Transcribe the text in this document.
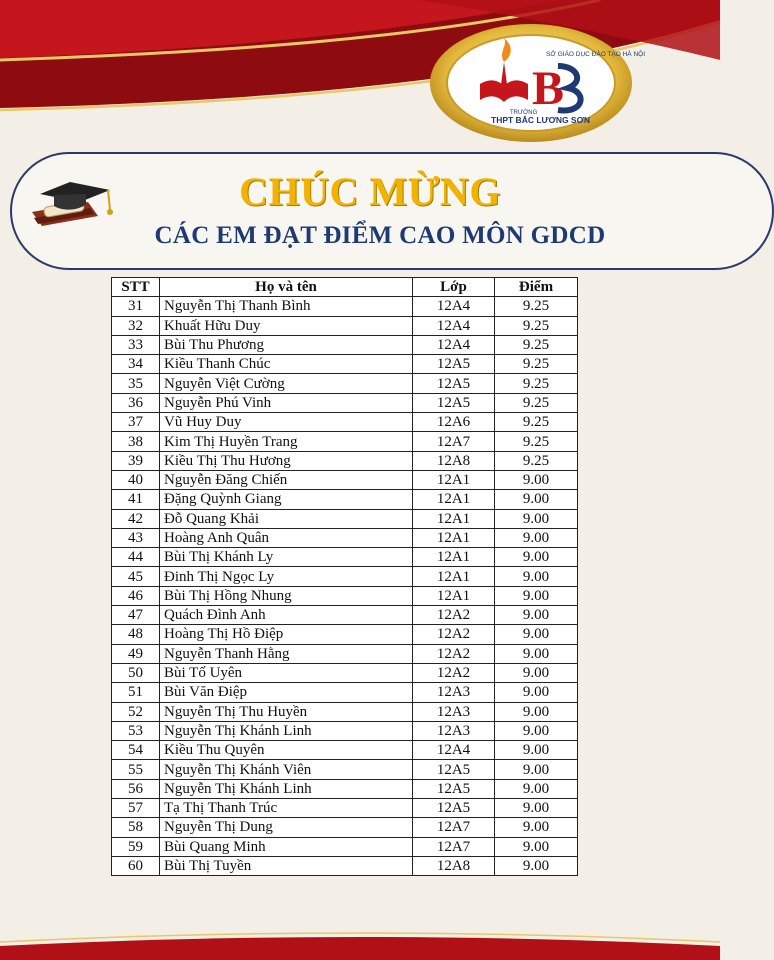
B
SỞ GIÁO DỤC ĐÀO TẠO HÀ NỘI
TRƯỜNG
THPT BẮC LƯƠNG SƠN
CHÚC MỪNG
CÁC EM ĐẠT ĐIỂM CAO MÔN GDCD
STT	Họ và tên	Lớp	Điểm
31	Nguyễn Thị Thanh Bình	12A4	9.25
32	Khuất Hữu Duy	12A4	9.25
33	Bùi Thu Phương	12A4	9.25
34	Kiều Thanh Chúc	12A5	9.25
35	Nguyễn Việt Cường	12A5	9.25
36	Nguyễn Phú Vinh	12A5	9.25
37	Vũ Huy Duy	12A6	9.25
38	Kim Thị Huyền Trang	12A7	9.25
39	Kiều Thị Thu Hương	12A8	9.25
40	Nguyễn Đăng Chiến	12A1	9.00
41	Đặng Quỳnh Giang	12A1	9.00
42	Đỗ Quang Khải	12A1	9.00
43	Hoàng Anh Quân	12A1	9.00
44	Bùi Thị Khánh Ly	12A1	9.00
45	Đinh Thị Ngọc Ly	12A1	9.00
46	Bùi Thị Hồng Nhung	12A1	9.00
47	Quách Đình Anh	12A2	9.00
48	Hoàng Thị Hồ Điệp	12A2	9.00
49	Nguyễn Thanh Hằng	12A2	9.00
50	Bùi Tố Uyên	12A2	9.00
51	Bùi Văn Điệp	12A3	9.00
52	Nguyễn Thị Thu Huyền	12A3	9.00
53	Nguyễn Thị Khánh Linh	12A3	9.00
54	Kiều Thu Quyên	12A4	9.00
55	Nguyễn Thị Khánh Viên	12A5	9.00
56	Nguyễn Thị Khánh Linh	12A5	9.00
57	Tạ Thị Thanh Trúc	12A5	9.00
58	Nguyễn Thị Dung	12A7	9.00
59	Bùi Quang Minh	12A7	9.00
60	Bùi Thị Tuyền	12A8	9.00
